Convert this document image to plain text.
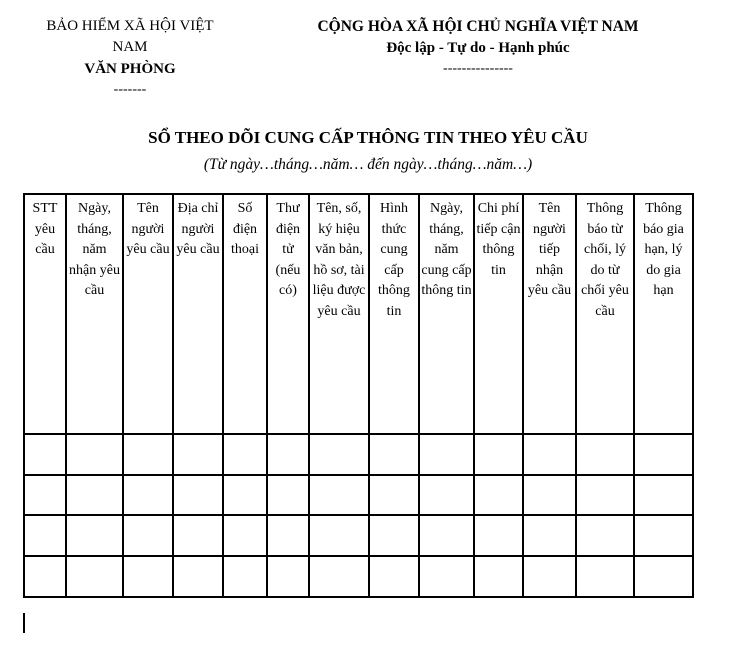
BẢO HIỂM XÃ HỘI VIỆT NAM
VĂN PHÒNG
-------
CỘNG HÒA XÃ HỘI CHỦ NGHĨA VIỆT NAM
Độc lập - Tự do - Hạnh phúc
---------------
SỔ THEO DÕI CUNG CẤP THÔNG TIN THEO YÊU CẦU
(Từ ngày…tháng…năm… đến ngày…tháng…năm…)
STT yêu cầu	Ngày, tháng, năm nhận yêu cầu	Tên người yêu cầu	Địa chỉ người yêu cầu	Số điện thoại	Thư điện tử (nếu có)	Tên, số, ký hiệu văn bản, hồ sơ, tài liệu được yêu cầu	Hình thức cung cấp thông tin	Ngày, tháng, năm cung cấp thông tin	Chi phí tiếp cận thông tin	Tên người tiếp nhận yêu cầu	Thông báo từ chối, lý do từ chối yêu cầu	Thông báo gia hạn, lý do gia hạn
